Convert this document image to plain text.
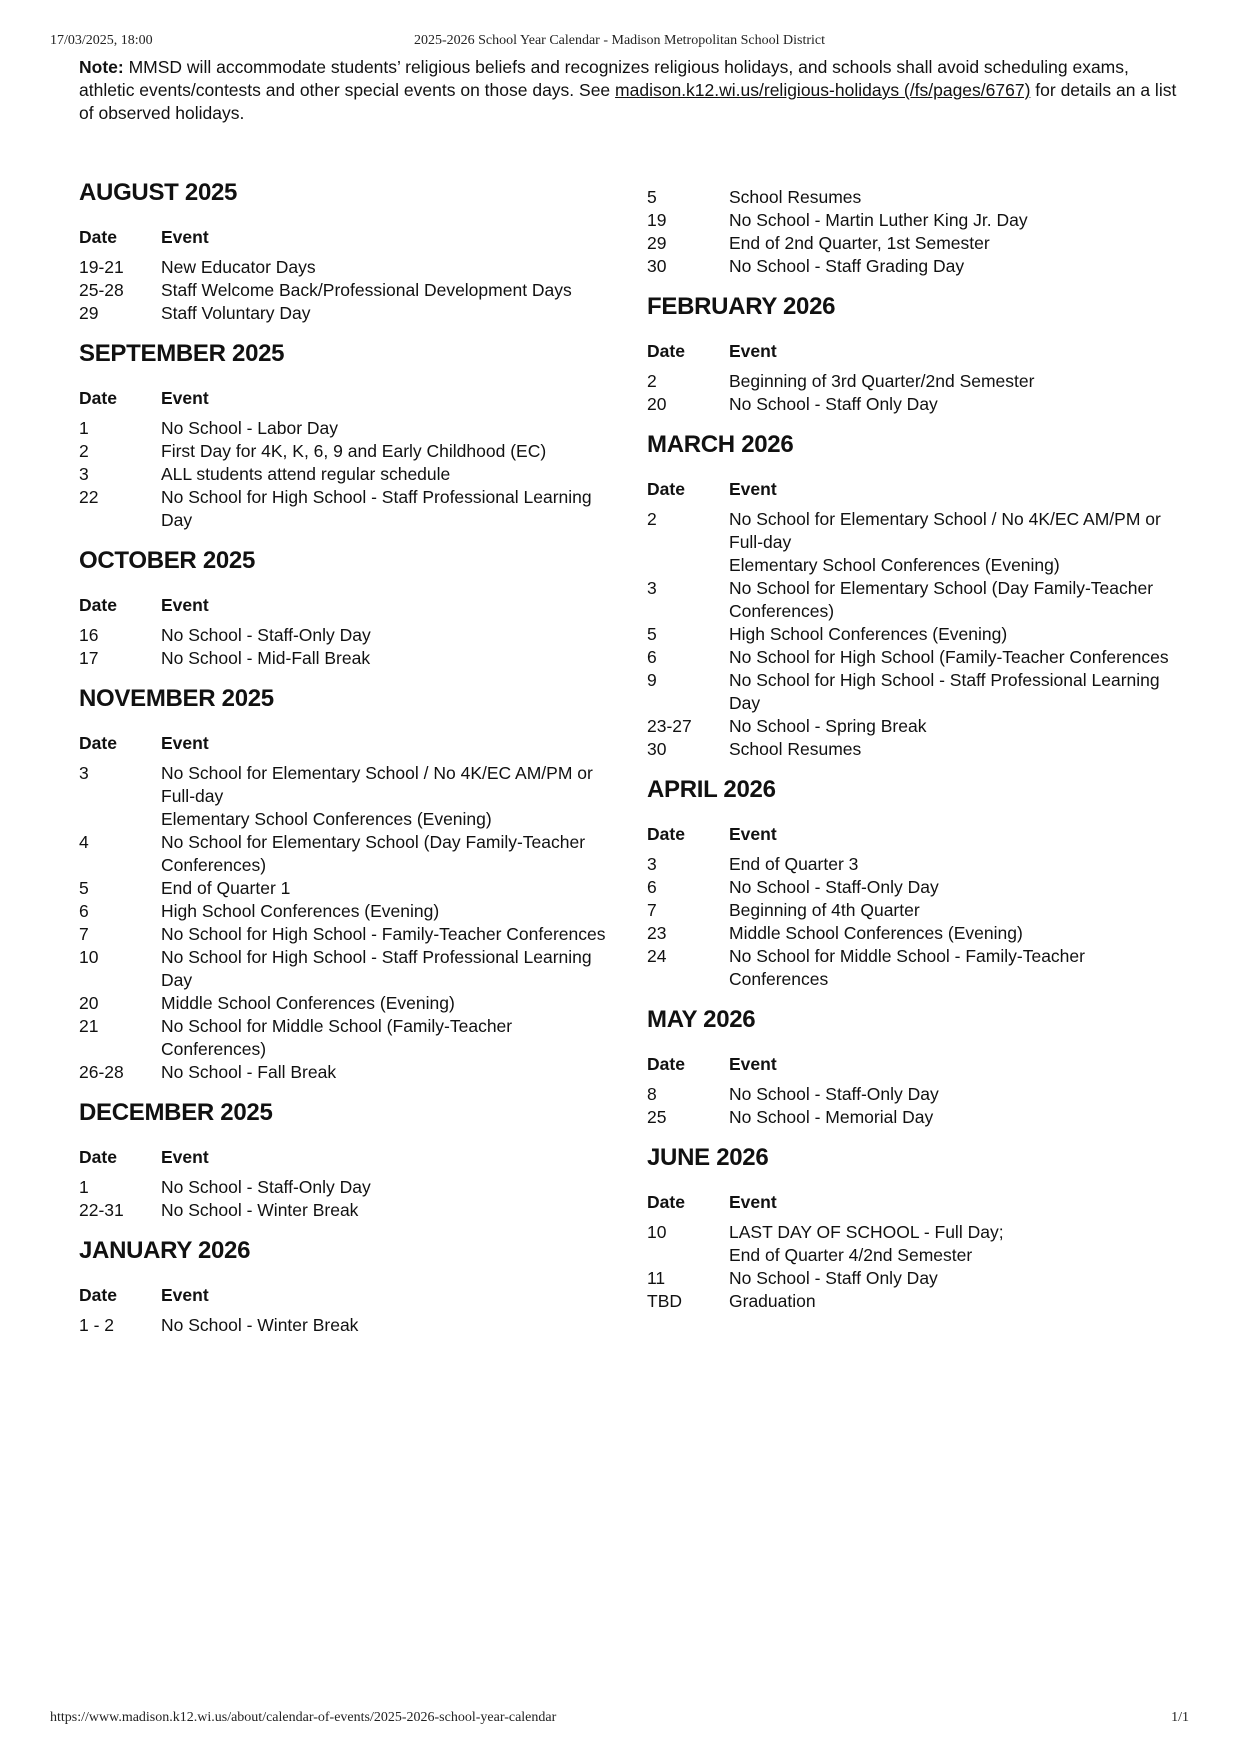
17/03/2025, 18:00	2025-2026 School Year Calendar - Madison Metropolitan School District
Note: MMSD will accommodate students’ religious beliefs and recognizes religious holidays, and schools shall avoid scheduling exams, athletic events/contests and other special events on those days. See madison.k12.wi.us/religious-holidays (/fs/pages/6767) for details an a list of observed holidays.
AUGUST 2025
Date	Event
19-21	New Educator Days
25-28	Staff Welcome Back/Professional Development Days
29	Staff Voluntary Day
SEPTEMBER 2025
Date	Event
1	No School - Labor Day
2	First Day for 4K, K, 6, 9 and Early Childhood (EC)
3	ALL students attend regular schedule
22	No School for High School - Staff Professional Learning
Day
OCTOBER 2025
Date	Event
16	No School - Staff-Only Day
17	No School - Mid-Fall Break
NOVEMBER 2025
Date	Event
3	No School for Elementary School / No 4K/EC AM/PM or
Full-day
Elementary School Conferences (Evening)
4	No School for Elementary School (Day Family-Teacher
Conferences)
5	End of Quarter 1
6	High School Conferences (Evening)
7	No School for High School - Family-Teacher Conferences
10	No School for High School - Staff Professional Learning
Day
20	Middle School Conferences (Evening)
21	No School for Middle School (Family-Teacher
Conferences)
26-28	No School - Fall Break
DECEMBER 2025
Date	Event
1	No School - Staff-Only Day
22-31	No School - Winter Break
JANUARY 2026
Date	Event
1 - 2	No School - Winter Break
5	School Resumes
19	No School - Martin Luther King Jr. Day
29	End of 2nd Quarter, 1st Semester
30	No School - Staff Grading Day
FEBRUARY 2026
Date	Event
2	Beginning of 3rd Quarter/2nd Semester
20	No School - Staff Only Day
MARCH 2026
Date	Event
2	No School for Elementary School / No 4K/EC AM/PM or
Full-day
Elementary School Conferences (Evening)
3	No School for Elementary School (Day Family-Teacher
Conferences)
5	High School Conferences (Evening)
6	No School for High School (Family-Teacher Conferences
9	No School for High School - Staff Professional Learning
Day
23-27	No School - Spring Break
30	School Resumes
APRIL 2026
Date	Event
3	End of Quarter 3
6	No School - Staff-Only Day
7	Beginning of 4th Quarter
23	Middle School Conferences (Evening)
24	No School for Middle School - Family-Teacher
Conferences
MAY 2026
Date	Event
8	No School - Staff-Only Day
25	No School - Memorial Day
JUNE 2026
Date	Event
10	LAST DAY OF SCHOOL - Full Day;
End of Quarter 4/2nd Semester
11	No School - Staff Only Day
TBD	Graduation
https://www.madison.k12.wi.us/about/calendar-of-events/2025-2026-school-year-calendar	1/1
